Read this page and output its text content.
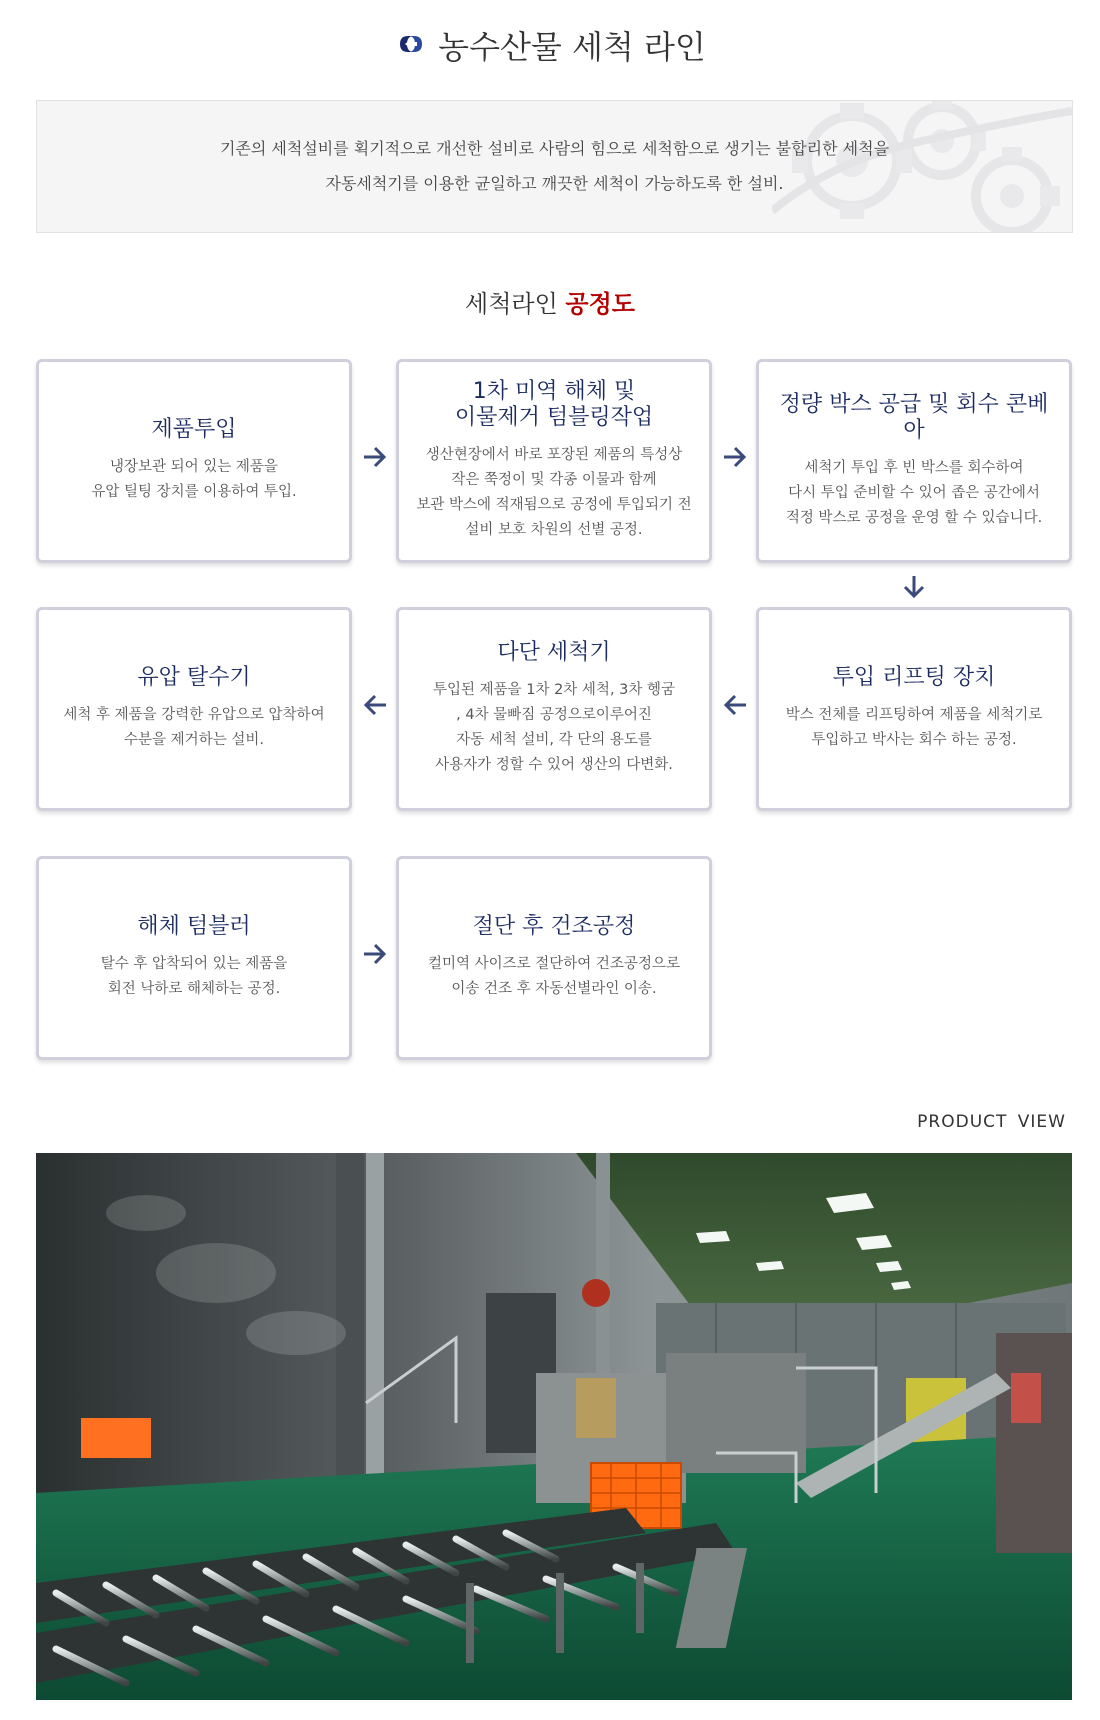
농수산물 세척 라인
기존의 세척설비를 획기적으로 개선한 설비로 사람의 힘으로 세척함으로 생기는 불합리한 세척을
자동세척기를 이용한 균일하고 깨끗한 세척이 가능하도록 한 설비.
세척라인 공정도
제품투입
냉장보관 되어 있는 제품을
유압 틸팅 장치를 이용하여 투입.
1차 미역 해체 및
이물제거 텀블링작업
생산현장에서 바로 포장된 제품의 특성상
작은 쭉정이 및 각종 이물과 함께
보관 박스에 적재됨으로 공정에 투입되기 전
설비 보호 차원의 선별 공정.
정량 박스 공급 및 회수 콘베아
세척기 투입 후 빈 박스를 회수하여
다시 투입 준비할 수 있어 좁은 공간에서
적정 박스로 공정을 운영 할 수 있습니다.
유압 탈수기
세척 후 제품을 강력한 유압으로 압착하여
수분을 제거하는 설비.
다단 세척기
투입된 제품을 1차 2차 세척, 3차 헹굼
, 4차 물빠짐 공정으로이루어진
자동 세척 설비, 각 단의 용도를
사용자가 정할 수 있어 생산의 다변화.
투입 리프팅 장치
박스 전체를 리프팅하여 제품을 세척기로
투입하고 박사는 회수 하는 공정.
해체 텀블러
탈수 후 압착되어 있는 제품을
회전 낙하로 해체하는 공정.
절단 후 건조공정
컬미역 사이즈로 절단하여 건조공정으로
이송 건조 후 자동선별라인 이송.
PRODUCT VIEW
